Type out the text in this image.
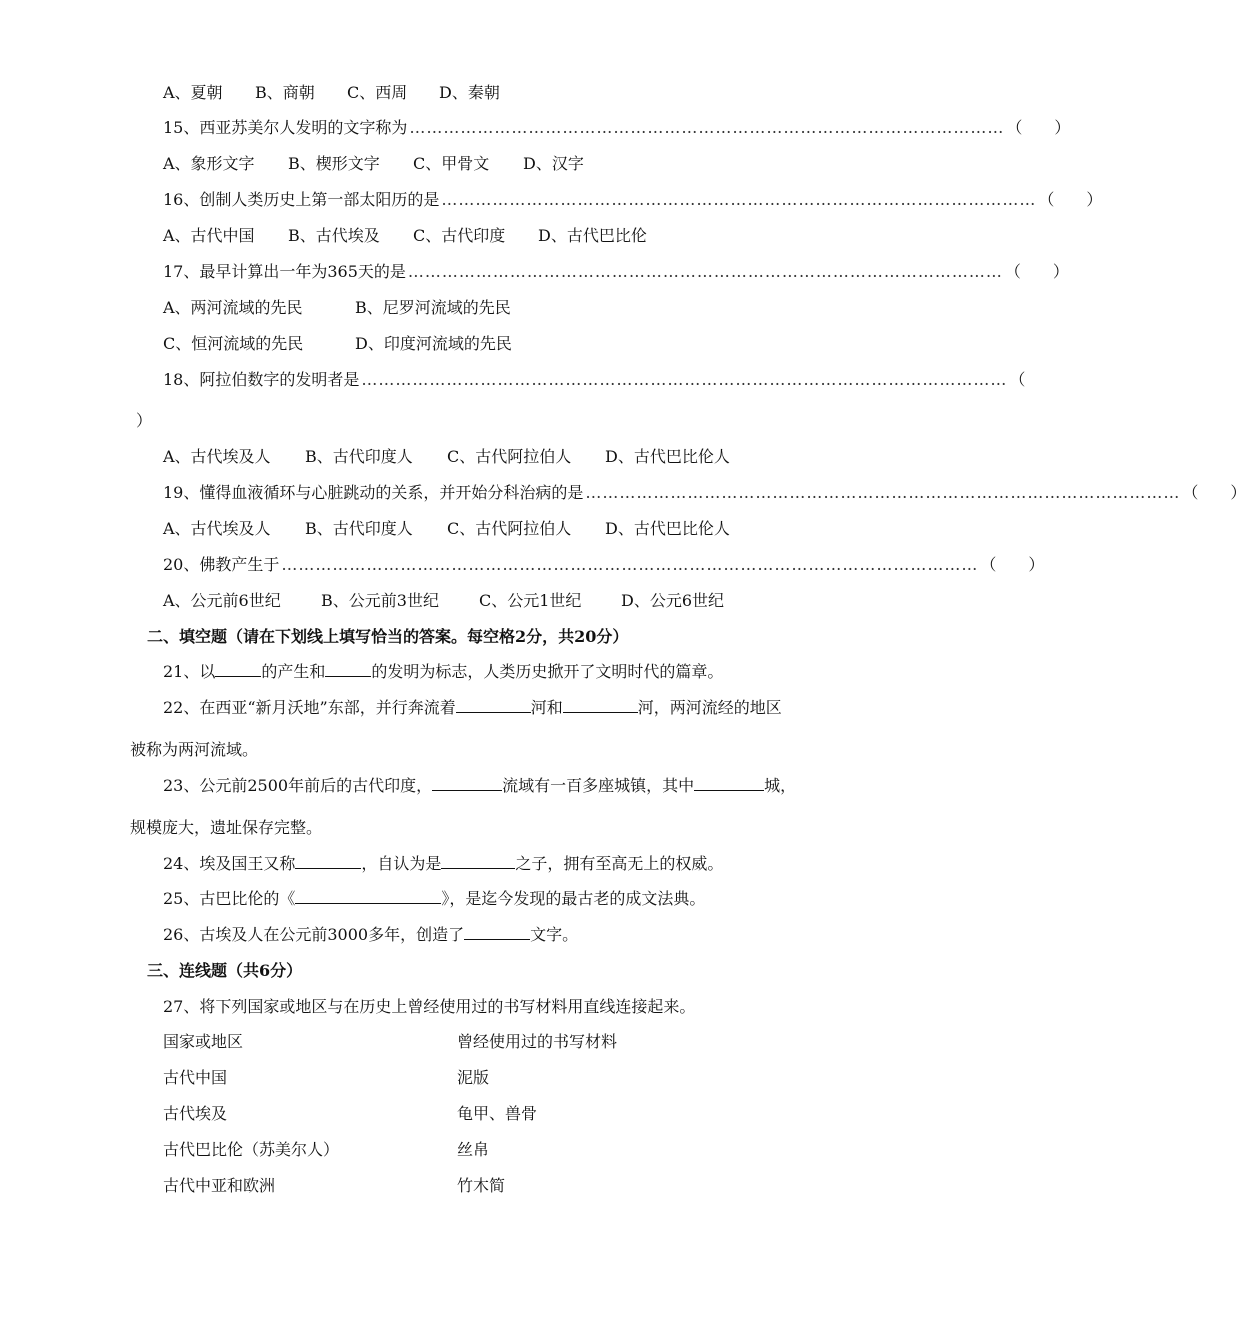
A、夏朝 B、商朝 C、西周 D、秦朝
15、西亚苏美尔人发明的文字称为 …………………………………………………………………………………………… （　　）
A、象形文字 B、楔形文字 C、甲骨文 D、汉字
16、创制人类历史上第一部太阳历的是 …………………………………………………………………………………………… （　　）
A、古代中国 B、古代埃及 C、古代印度 D、古代巴比伦
17、最早计算出一年为365天的是 …………………………………………………………………………………………… （　　）
A、两河流域的先民	B、尼罗河流域的先民
C、恒河流域的先民	D、印度河流域的先民
18、阿拉伯数字的发明者是 …………………………………………………………………………………………………… （
）
A、古代埃及人 B、古代印度人 C、古代阿拉伯人 D、古代巴比伦人
19、懂得血液循环与心脏跳动的关系，并开始分科治病的是 …………………………………………………………………………………………… （　　）
A、古代埃及人 B、古代印度人 C、古代阿拉伯人 D、古代巴比伦人
20、佛教产生于 …………………………………………………………………………………………………………… （　　）
A、公元前6世纪	B、公元前3世纪	C、公元1世纪 D、公元6世纪
二、填空题（请在下划线上填写恰当的答案。每空格2分，共20分）
21、以	的产生和	的发明为标志，人类历史掀开了文明时代的篇章。
22、在西亚“新月沃地”东部，并行奔流着	河和	河，两河流经的地区
被称为两河流域。
23、公元前2500年前后的古代印度，	流域有一百多座城镇，其中	城，
规模庞大，遗址保存完整。
24、埃及国王又称	，自认为是	之子，拥有至高无上的权威。
25、古巴比伦的《	》，是迄今发现的最古老的成文法典。
26、古埃及人在公元前3000多年，创造了	文字。
三、连线题（共6分）
27、将下列国家或地区与在历史上曾经使用过的书写材料用直线连接起来。
国家或地区	曾经使用过的书写材料
古代中国	泥版
古代埃及	龟甲、兽骨
古代巴比伦（苏美尔人）	丝帛
古代中亚和欧洲	竹木简
